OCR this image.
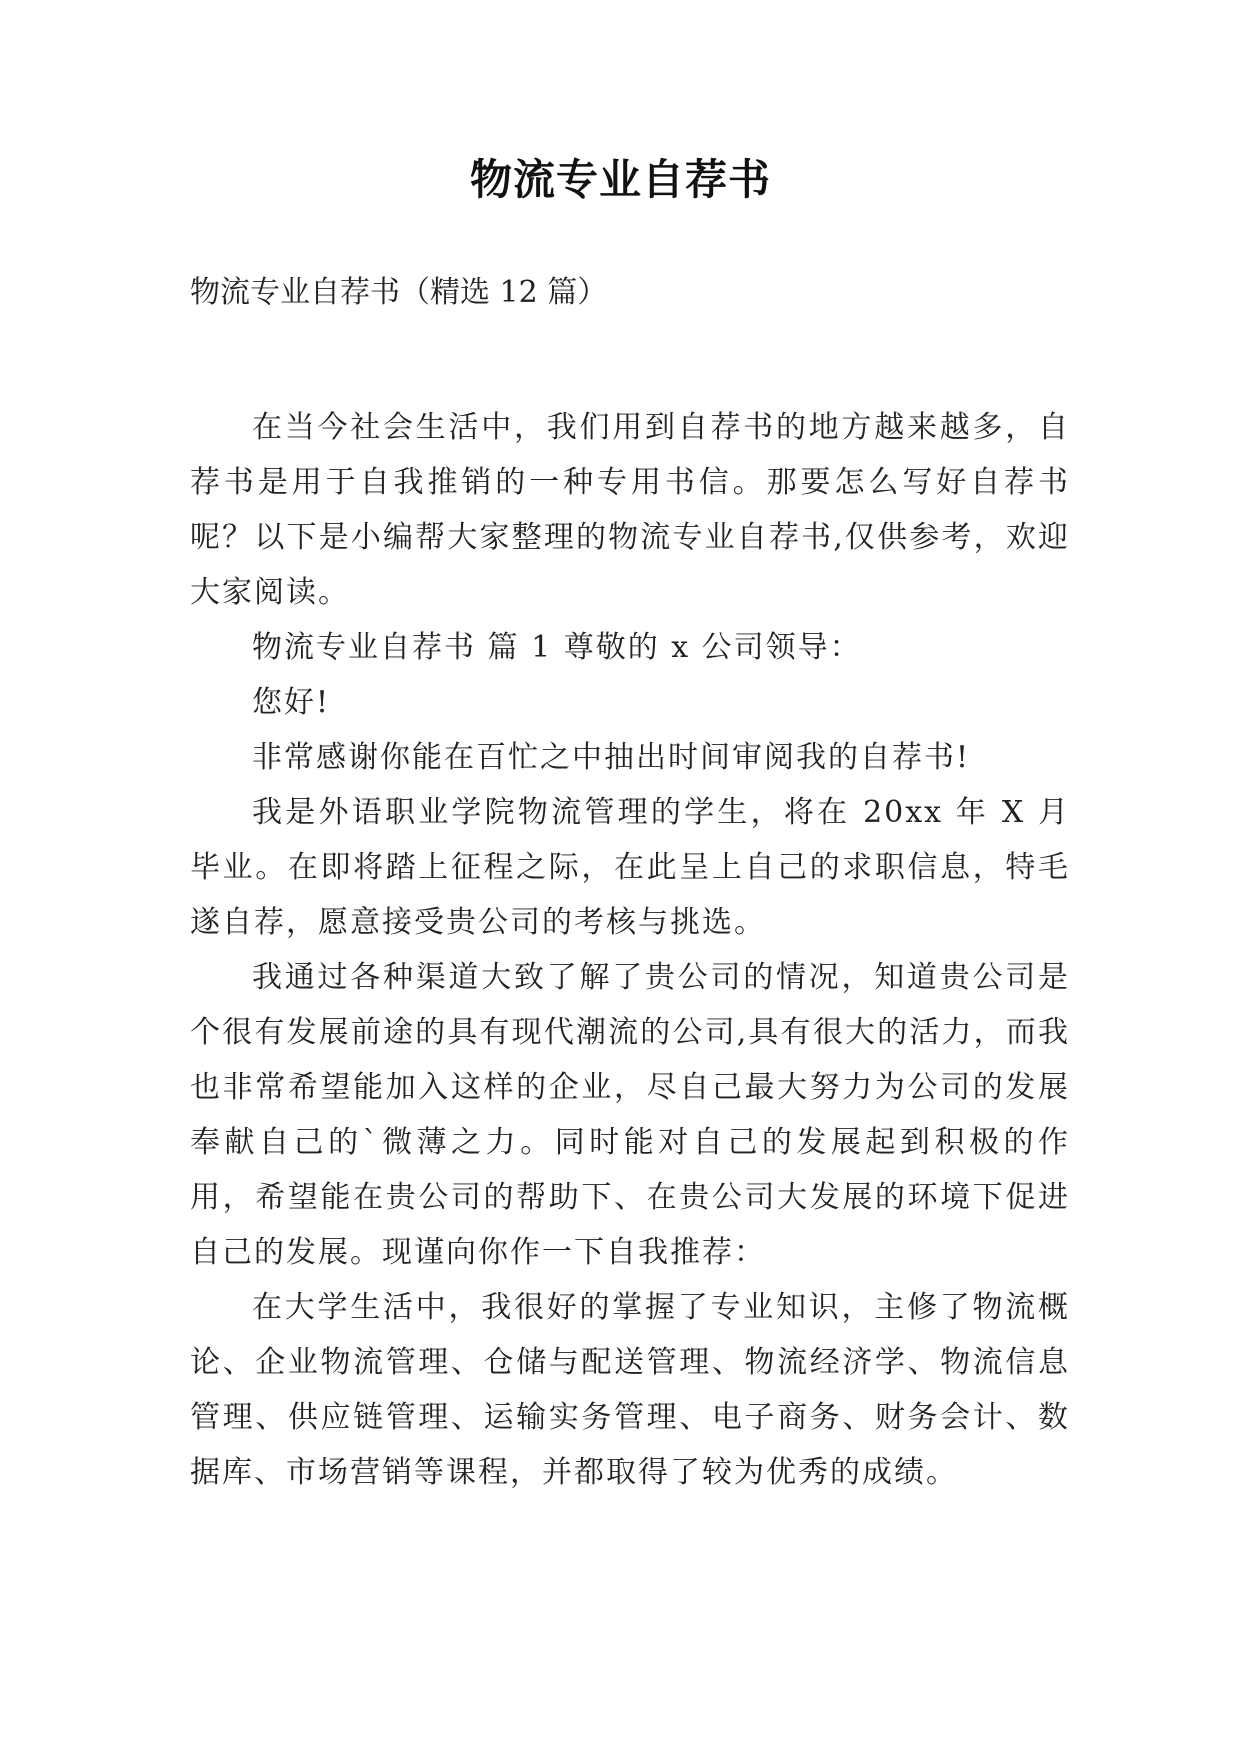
物流专业自荐书
物流专业自荐书（精选 12 篇）

在当今社会生活中，我们用到自荐书的地方越来越多，自荐书是用于自我推销的一种专用书信。那要怎么写好自荐书呢？以下是小编帮大家整理的物流专业自荐书,仅供参考，欢迎大家阅读。

物流专业自荐书 篇 1 尊敬的 x 公司领导：

您好!

非常感谢你能在百忙之中抽出时间审阅我的自荐书!

我是外语职业学院物流管理的学生，将在 20xx 年 X 月毕业。在即将踏上征程之际，在此呈上自己的求职信息，特毛遂自荐，愿意接受贵公司的考核与挑选。

我通过各种渠道大致了解了贵公司的情况，知道贵公司是个很有发展前途的具有现代潮流的公司,具有很大的活力，而我也非常希望能加入这样的企业，尽自己最大努力为公司的发展奉献自己的`微薄之力。同时能对自己的发展起到积极的作用，希望能在贵公司的帮助下、在贵公司大发展的环境下促进自己的发展。现谨向你作一下自我推荐：

在大学生活中，我很好的掌握了专业知识，主修了物流概论、企业物流管理、仓储与配送管理、物流经济学、物流信息管理、供应链管理、运输实务管理、电子商务、财务会计、数据库、市场营销等课程，并都取得了较为优秀的成绩。
